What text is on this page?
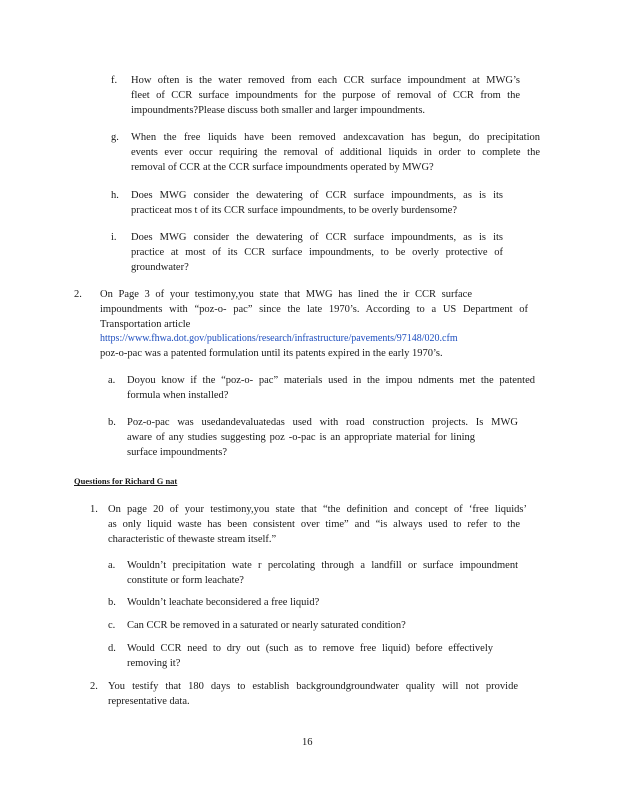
f. How often is the water removed from each CCR surface impoundment at MWG’s
fleet of CCR surface impoundments for the purpose of removal of CCR from the
impoundments?Please discuss both smaller and larger impoundments.
g. When the free liquids have been removed andexcavation has begun, do precipitation
events ever occur requiring the removal of additional liquids in order to complete the
removal of CCR at the CCR surface impoundments operated by MWG?
h. Does MWG consider the dewatering of CCR surface impoundments, as is its
practiceat mos t of its CCR surface impoundments, to be overly burdensome?
i. Does MWG consider the dewatering of CCR surface impoundments, as is its
practice at most of its CCR surface impoundments, to be overly protective of
groundwater?
2. On Page 3 of your testimony,you state that MWG has lined the ir CCR surface
impoundments with “poz-o- pac” since the late 1970’s. According to a US Department of
Transportation article
https://www.fhwa.dot.gov/publications/research/infrastructure/pavements/97148/020.cfm
poz-o-pac was a patented formulation until its patents expired in the early 1970’s.
a. Doyou know if the “poz-o- pac” materials used in the impou ndments met the patented
formula when installed?
b. Poz-o-pac was usedandevaluatedas used with road construction projects. Is MWG
aware of any studies suggesting poz -o-pac is an appropriate material for lining
surface impoundments?
Questions for Richard G nat
1. On page 20 of your testimony,you state that “the definition and concept of ‘free liquids’
as only liquid waste has been consistent over time” and “is always used to refer to the
characteristic of thewaste stream itself.”
a. Wouldn’t precipitation wate r percolating through a landfill or surface impoundment
constitute or form leachate?
b. Wouldn’t leachate beconsidered a free liquid?
c. Can CCR be removed in a saturated or nearly saturated condition?
d. Would CCR need to dry out (such as to remove free liquid) before effectively
removing it?
2. You testify that 180 days to establish backgroundgroundwater quality will not provide
representative data.
16
